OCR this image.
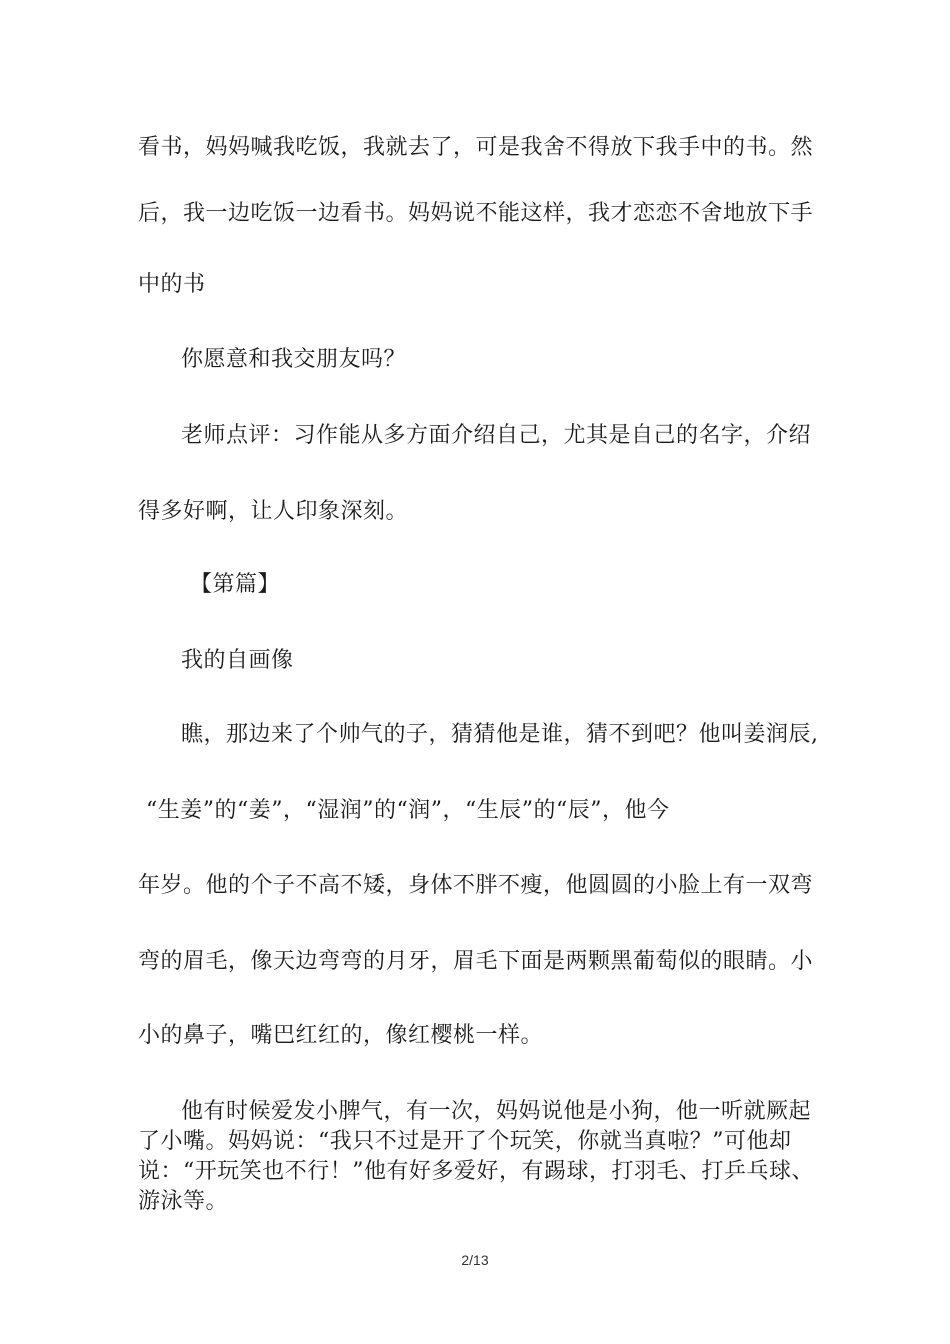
看书，妈妈喊我吃饭，我就去了，可是我舍不得放下我手中的书。然
后，我一边吃饭一边看书。妈妈说不能这样，我才恋恋不舍地放下手
中的书
你愿意和我交朋友吗？
老师点评：习作能从多方面介绍自己，尤其是自己的名字，介绍
得多好啊，让人印象深刻。
【第篇】
我的自画像
瞧，那边来了个帅气的子，猜猜他是谁，猜不到吧？他叫姜润辰,
“生姜”的“姜”，“湿润”的“润”，“生辰”的“辰”，他今
年岁。他的个子不高不矮，身体不胖不瘦，他圆圆的小脸上有一双弯
弯的眉毛，像天边弯弯的月牙，眉毛下面是两颗黑葡萄似的眼睛。小
小的鼻子，嘴巴红红的，像红樱桃一样。
他有时候爱发小脾气，有一次，妈妈说他是小狗，他一听就厥起
了小嘴。妈妈说：“我只不过是开了个玩笑，你就当真啦？”可他却
说：“开玩笑也不行！”他有好多爱好，有踢球，打羽毛、打乒乓球、
游泳等。
2/13
